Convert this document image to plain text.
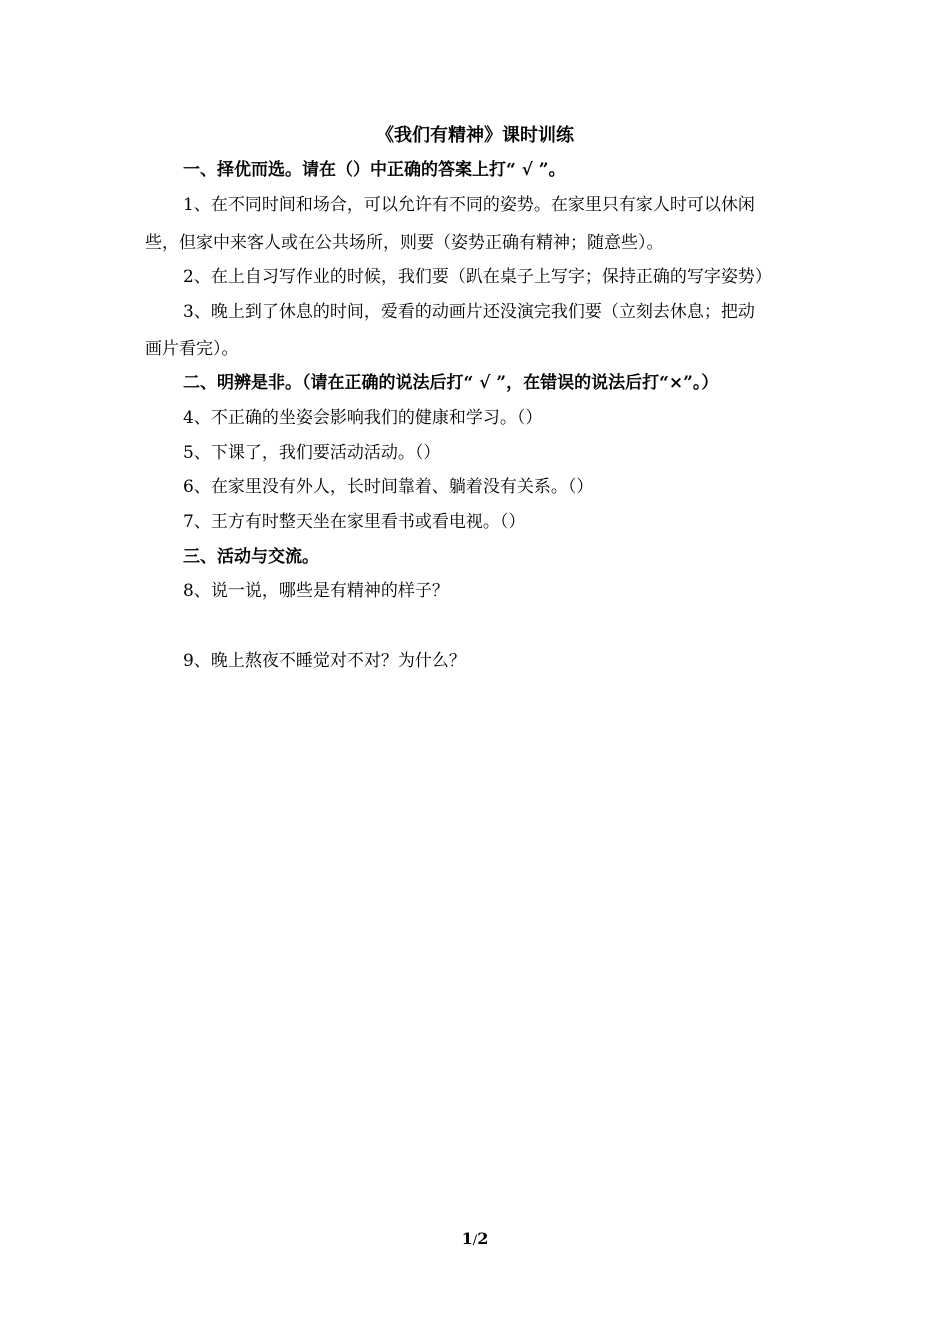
《我们有精神》课时训练
一、择优而选。请在（）中正确的答案上打“ √ ”。
1、在不同时间和场合，可以允许有不同的姿势。在家里只有家人时可以休闲
些，但家中来客人或在公共场所，则要（姿势正确有精神；随意些）。
2、在上自习写作业的时候，我们要（趴在桌子上写字；保持正确的写字姿势）
3、晚上到了休息的时间，爱看的动画片还没演完我们要（立刻去休息；把动
画片看完）。
二、明辨是非。（请在正确的说法后打“ √ ”，在错误的说法后打“×”。）
4、不正确的坐姿会影响我们的健康和学习。（）
5、下课了，我们要活动活动。（）
6、在家里没有外人，长时间靠着、躺着没有关系。（）
7、王方有时整天坐在家里看书或看电视。（）
三、活动与交流。
8、说一说，哪些是有精神的样子？
9、晚上熬夜不睡觉对不对？为什么？
1/2
